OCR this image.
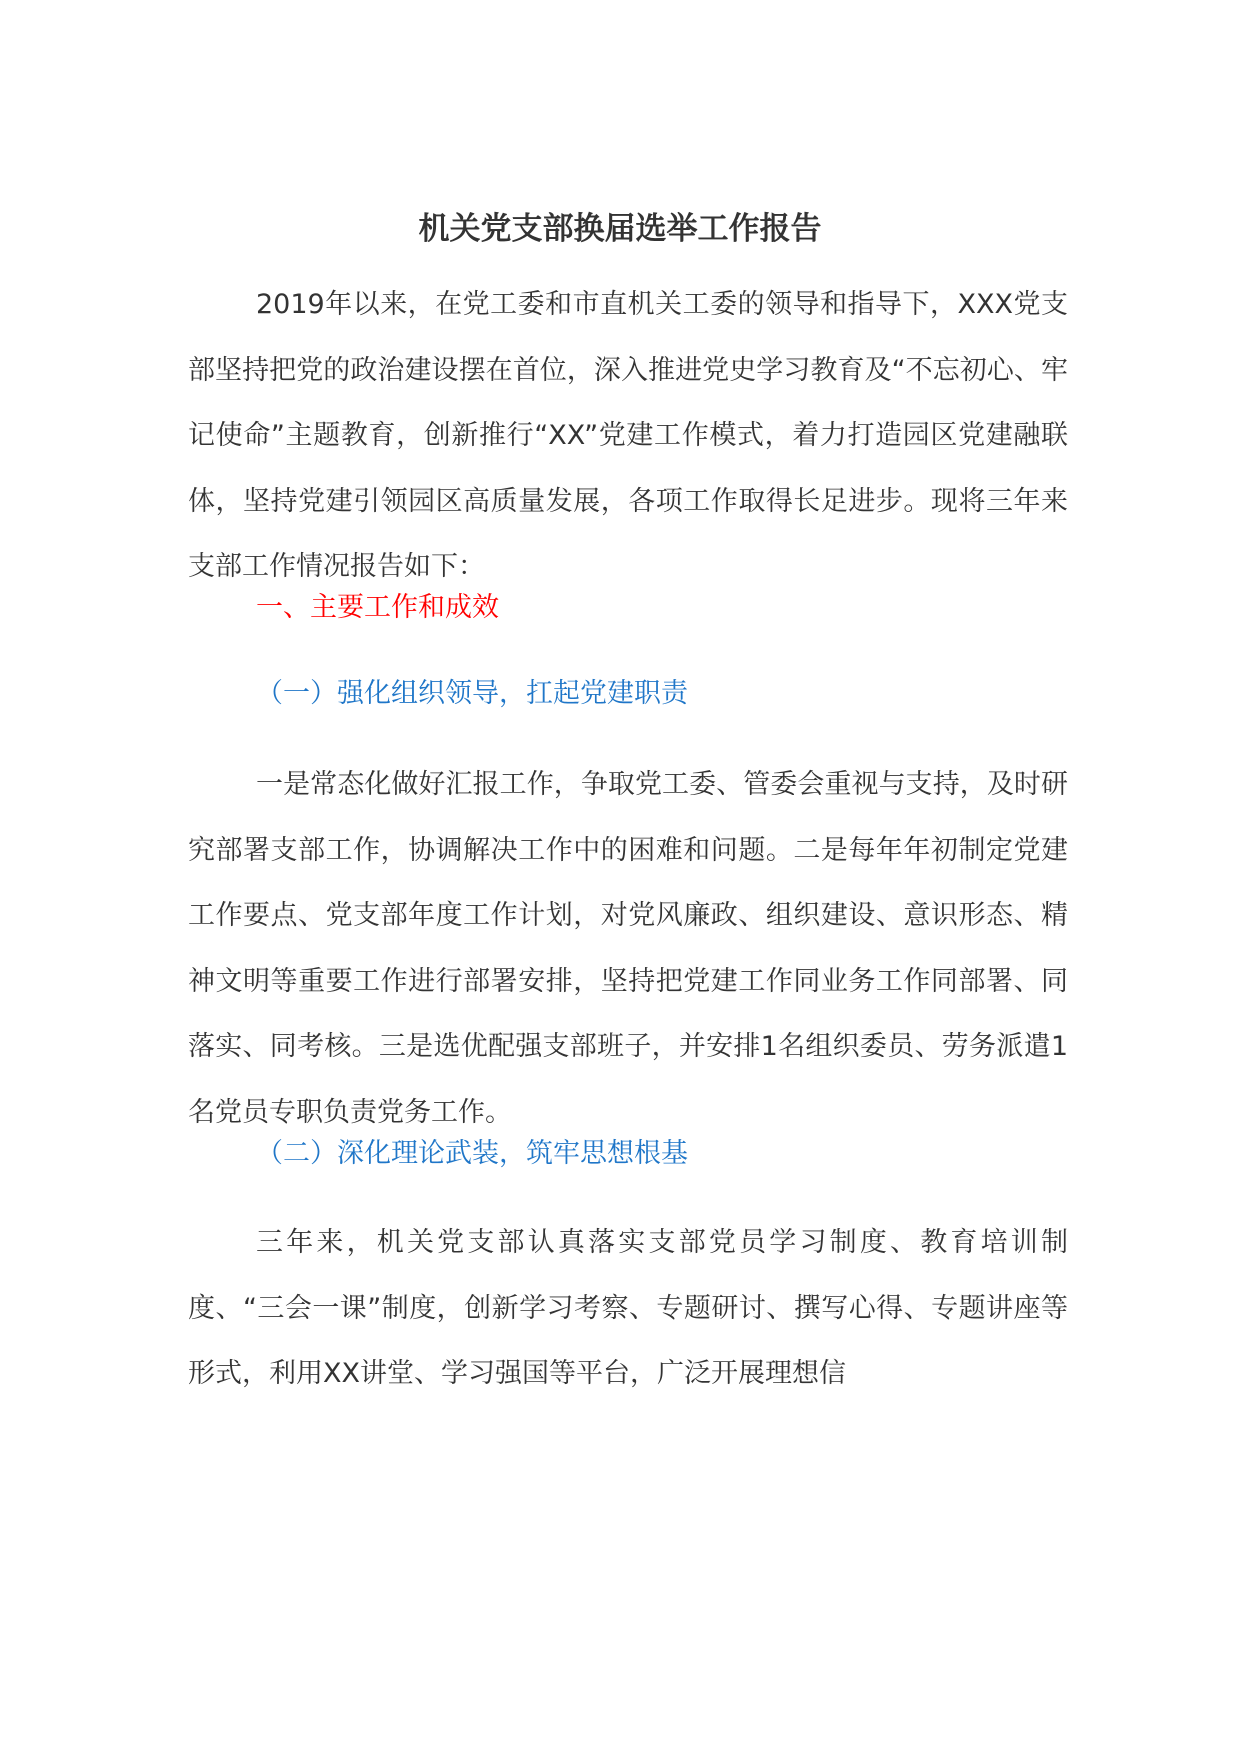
机关党支部换届选举工作报告

2019年以来，在党工委和市直机关工委的领导和指导下，XXX党支部坚持把党的政治建设摆在首位，深入推进党史学习教育及“不忘初心、牢记使命”主题教育，创新推行“XX”党建工作模式，着力打造园区党建融联体，坚持党建引领园区高质量发展，各项工作取得长足进步。现将三年来支部工作情况报告如下：

一、主要工作和成效
（一）强化组织领导，扛起党建职责

一是常态化做好汇报工作，争取党工委、管委会重视与支持，及时研究部署支部工作，协调解决工作中的困难和问题。二是每年年初制定党建工作要点、党支部年度工作计划，对党风廉政、组织建设、意识形态、精神文明等重要工作进行部署安排，坚持把党建工作同业务工作同部署、同落实、同考核。三是选优配强支部班子，并安排1名组织委员、劳务派遣1名党员专职负责党务工作。

（二）深化理论武装，筑牢思想根基

三年来，机关党支部认真落实支部党员学习制度、教育培训制度、“三会一课”制度，创新学习考察、专题研讨、撰写心得、专题讲座等形式，利用XX讲堂、学习强国等平台，广泛开展理想信
